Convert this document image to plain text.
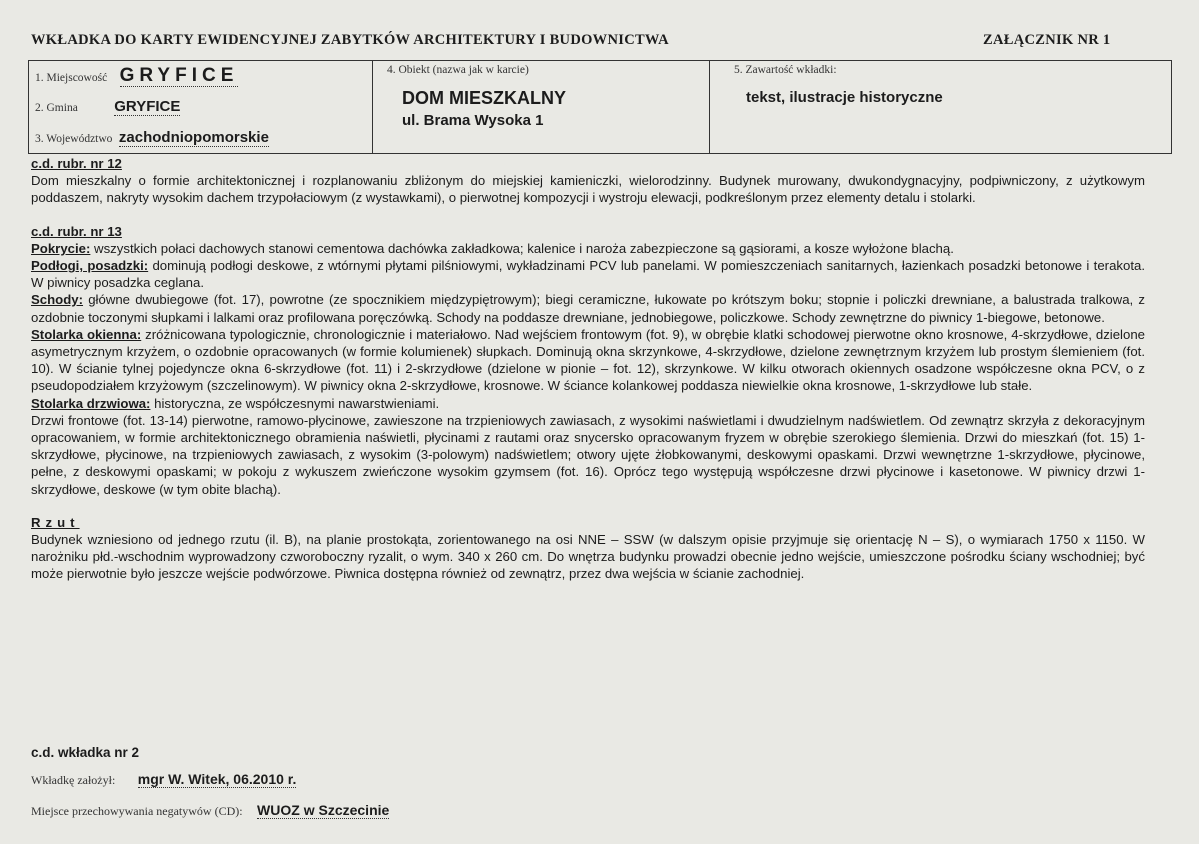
WKŁADKA DO KARTY EWIDENCYJNEJ ZABYTKÓW ARCHITEKTURY I BUDOWNICTWA	ZAŁĄCZNIK NR 1
1. Miejscowość GRYFICE
2. Gmina GRYFICE
3. Województwo zachodniopomorskie
4. Obiekt (nazwa jak w karcie)
DOM MIESZKALNY
ul. Brama Wysoka 1
5. Zawartość wkładki:
tekst, ilustracje historyczne

c.d. rubr. nr 12

Dom mieszkalny o formie architektonicznej i rozplanowaniu zbliżonym do miejskiej kamieniczki, wielorodzinny. Budynek murowany, dwukondygnacyjny, podpiwniczony, z użytkowym poddaszem, nakryty wysokim dachem trzypołaciowym (z wystawkami), o pierwotnej kompozycji i wystroju elewacji, podkreślonym przez elementy detalu i stolarki.

c.d. rubr. nr 13

Pokrycie: wszystkich połaci dachowych stanowi cementowa dachówka zakładkowa; kalenice i naroża zabezpieczone są gąsiorami, a kosze wyłożone blachą.

Podłogi, posadzki: dominują podłogi deskowe, z wtórnymi płytami pilśniowymi, wykładzinami PCV lub panelami. W pomieszczeniach sanitarnych, łazienkach posadzki betonowe i terakota. W piwnicy posadzka ceglana.

Schody: główne dwubiegowe (fot. 17), powrotne (ze spocznikiem międzypiętrowym); biegi ceramiczne, łukowate po krótszym boku; stopnie i policzki drewniane, a balustrada tralkowa, z ozdobnie toczonymi słupkami i lalkami oraz profilowana poręczówką. Schody na poddasze drewniane, jednobiegowe, policzkowe. Schody zewnętrzne do piwnicy 1-biegowe, betonowe.

Stolarka okienna: zróżnicowana typologicznie, chronologicznie i materiałowo. Nad wejściem frontowym (fot. 9), w obrębie klatki schodowej pierwotne okno krosnowe, 4-skrzydłowe, dzielone asymetrycznym krzyżem, o ozdobnie opracowanych (w formie kolumienek) słupkach. Dominują okna skrzynkowe, 4-skrzydłowe, dzielone zewnętrznym krzyżem lub prostym ślemieniem (fot. 10). W ścianie tylnej pojedyncze okna 6-skrzydłowe (fot. 11) i 2-skrzydłowe (dzielone w pionie – fot. 12), skrzynkowe. W kilku otworach okiennych osadzone współczesne okna PCV, o z pseudopodziałem krzyżowym (szczelinowym). W piwnicy okna 2-skrzydłowe, krosnowe. W ściance kolankowej poddasza niewielkie okna krosnowe, 1-skrzydłowe lub stałe.

Stolarka drzwiowa: historyczna, ze współczesnymi nawarstwieniami.

Drzwi frontowe (fot. 13-14) pierwotne, ramowo-płycinowe, zawieszone na trzpieniowych zawiasach, z wysokimi naświetlami i dwudzielnym nadświetlem. Od zewnątrz skrzyła z dekoracyjnym opracowaniem, w formie architektonicznego obramienia naświetli, płycinami z rautami oraz snycersko opracowanym fryzem w obrębie szerokiego ślemienia. Drzwi do mieszkań (fot. 15) 1-skrzydłowe, płycinowe, na trzpieniowych zawiasach, z wysokim (3-polowym) nadświetlem; otwory ujęte żłobkowanymi, deskowymi opaskami. Drzwi wewnętrzne 1-skrzydłowe, płycinowe, pełne, z deskowymi opaskami; w pokoju z wykuszem zwieńczone wysokim gzymsem (fot. 16). Oprócz tego występują współczesne drzwi płycinowe i kasetonowe. W piwnicy drzwi 1-skrzydłowe, deskowe (w tym obite blachą).

Rzut

Budynek wzniesiono od jednego rzutu (il. B), na planie prostokąta, zorientowanego na osi NNE – SSW (w dalszym opisie przyjmuje się orientację N – S), o wymiarach 1750 x 1150. W narożniku płd.-wschodnim wyprowadzony czworoboczny ryzalit, o wym. 340 x 260 cm. Do wnętrza budynku prowadzi obecnie jedno wejście, umieszczone pośrodku ściany wschodniej; być może pierwotnie było jeszcze wejście podwórzowe. Piwnica dostępna również od zewnątrz, przez dwa wejścia w ścianie zachodniej.

c.d. wkładka nr 2
Wkładkę założył: mgr W. Witek, 06.2010 r.
Miejsce przechowywania negatywów (CD): WUOZ w Szczecinie
